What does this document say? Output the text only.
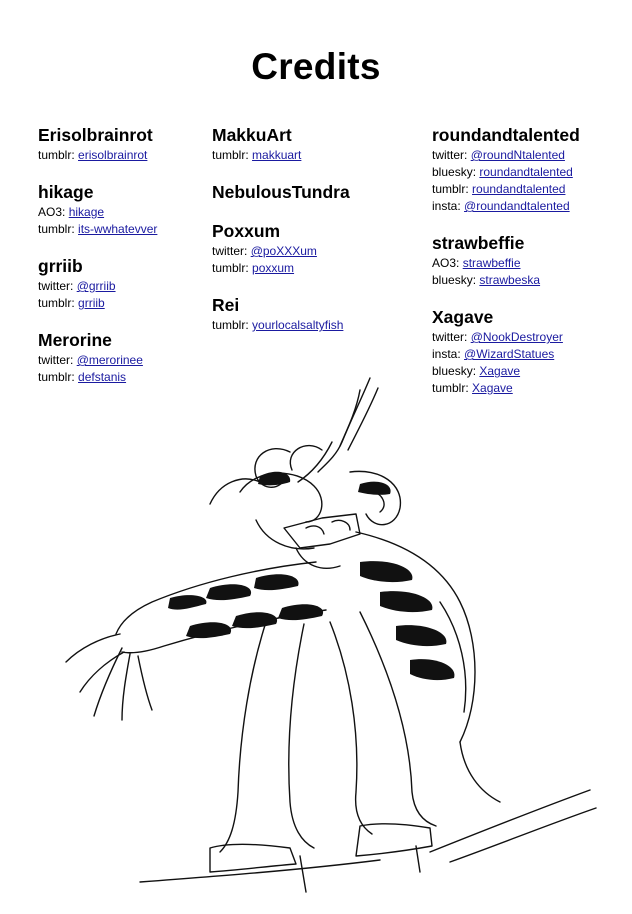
Credits
Erisolbrainrot
tumblr: erisolbrainrot
hikage
AO3: hikage
tumblr: its-wwhatevver
grriib
twitter: @grriib
tumblr: grriib
Merorine
twitter: @merorinee
tumblr: defstanis
MakkuArt
tumblr: makkuart
NebulousTundra
Poxxum
twitter: @poXXXum
tumblr: poxxum
Rei
tumblr: yourlocalsaltyfish
roundandtalented
twitter: @roundNtalented
bluesky: roundandtalented
tumblr: roundandtalented
insta: @roundandtalented
strawbeffie
AO3: strawbeffie
bluesky: strawbeska
Xagave
twitter: @NookDestroyer
insta: @WizardStatues
bluesky: Xagave
tumblr: Xagave
